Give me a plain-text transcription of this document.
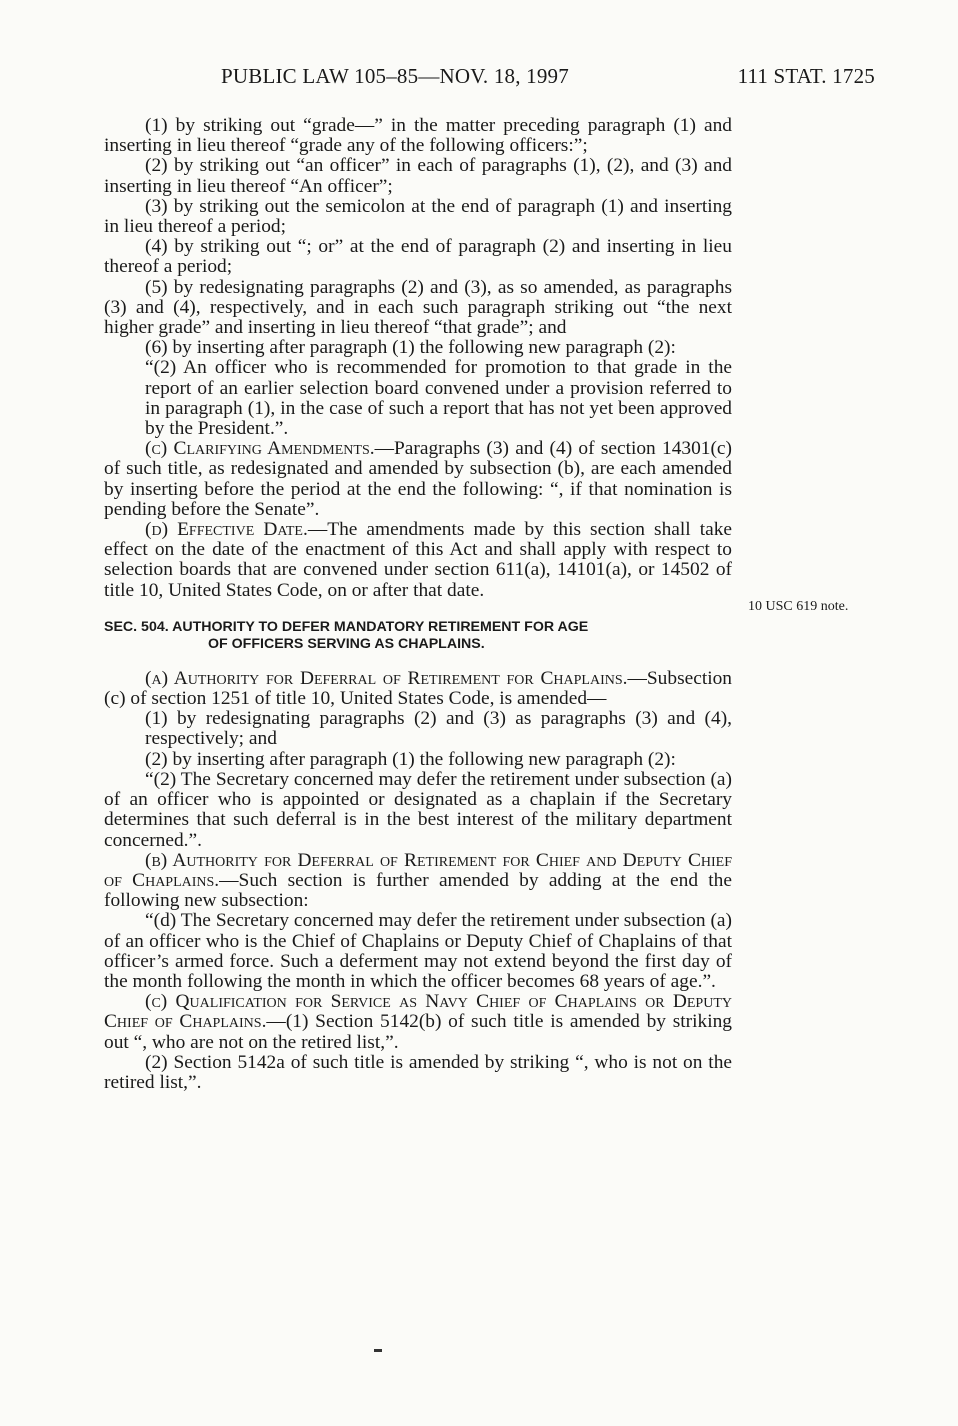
PUBLIC LAW 105–85—NOV. 18, 1997	111 STAT. 1725

(1) by striking out “grade—” in the matter preceding paragraph (1) and inserting in lieu thereof “grade any of the following officers:”;

(2) by striking out “an officer” in each of paragraphs (1), (2), and (3) and inserting in lieu thereof “An officer”;

(3) by striking out the semicolon at the end of paragraph (1) and inserting in lieu thereof a period;

(4) by striking out “; or” at the end of paragraph (2) and inserting in lieu thereof a period;

(5) by redesignating paragraphs (2) and (3), as so amended, as paragraphs (3) and (4), respectively, and in each such paragraph striking out “the next higher grade” and inserting in lieu thereof “that grade”; and

(6) by inserting after paragraph (1) the following new paragraph (2):

“(2) An officer who is recommended for promotion to that grade in the report of an earlier selection board convened under a provision referred to in paragraph (1), in the case of such a report that has not yet been approved by the President.”.

(c) Clarifying Amendments.—Paragraphs (3) and (4) of section 14301(c) of such title, as redesignated and amended by subsection (b), are each amended by inserting before the period at the end the following: “, if that nomination is pending before the Senate”.

(d) Effective Date.—The amendments made by this section shall take effect on the date of the enactment of this Act and shall apply with respect to selection boards that are convened under section 611(a), 14101(a), or 14502 of title 10, United States Code, on or after that date.

SEC. 504. AUTHORITY TO DEFER MANDATORY RETIREMENT FOR AGE
OF OFFICERS SERVING AS CHAPLAINS.

(a) Authority for Deferral of Retirement for Chaplains.—Subsection (c) of section 1251 of title 10, United States Code, is amended—

(1) by redesignating paragraphs (2) and (3) as paragraphs (3) and (4), respectively; and

(2) by inserting after paragraph (1) the following new paragraph (2):

“(2) The Secretary concerned may defer the retirement under subsection (a) of an officer who is appointed or designated as a chaplain if the Secretary determines that such deferral is in the best interest of the military department concerned.”.

(b) Authority for Deferral of Retirement for Chief and Deputy Chief of Chaplains.—Such section is further amended by adding at the end the following new subsection:

“(d) The Secretary concerned may defer the retirement under subsection (a) of an officer who is the Chief of Chaplains or Deputy Chief of Chaplains of that officer’s armed force. Such a deferment may not extend beyond the first day of the month following the month in which the officer becomes 68 years of age.”.

(c) Qualification for Service as Navy Chief of Chaplains or Deputy Chief of Chaplains.—(1) Section 5142(b) of such title is amended by striking out “, who are not on the retired list,”.

(2) Section 5142a of such title is amended by striking “, who is not on the retired list,”.

10 USC 619 note.
